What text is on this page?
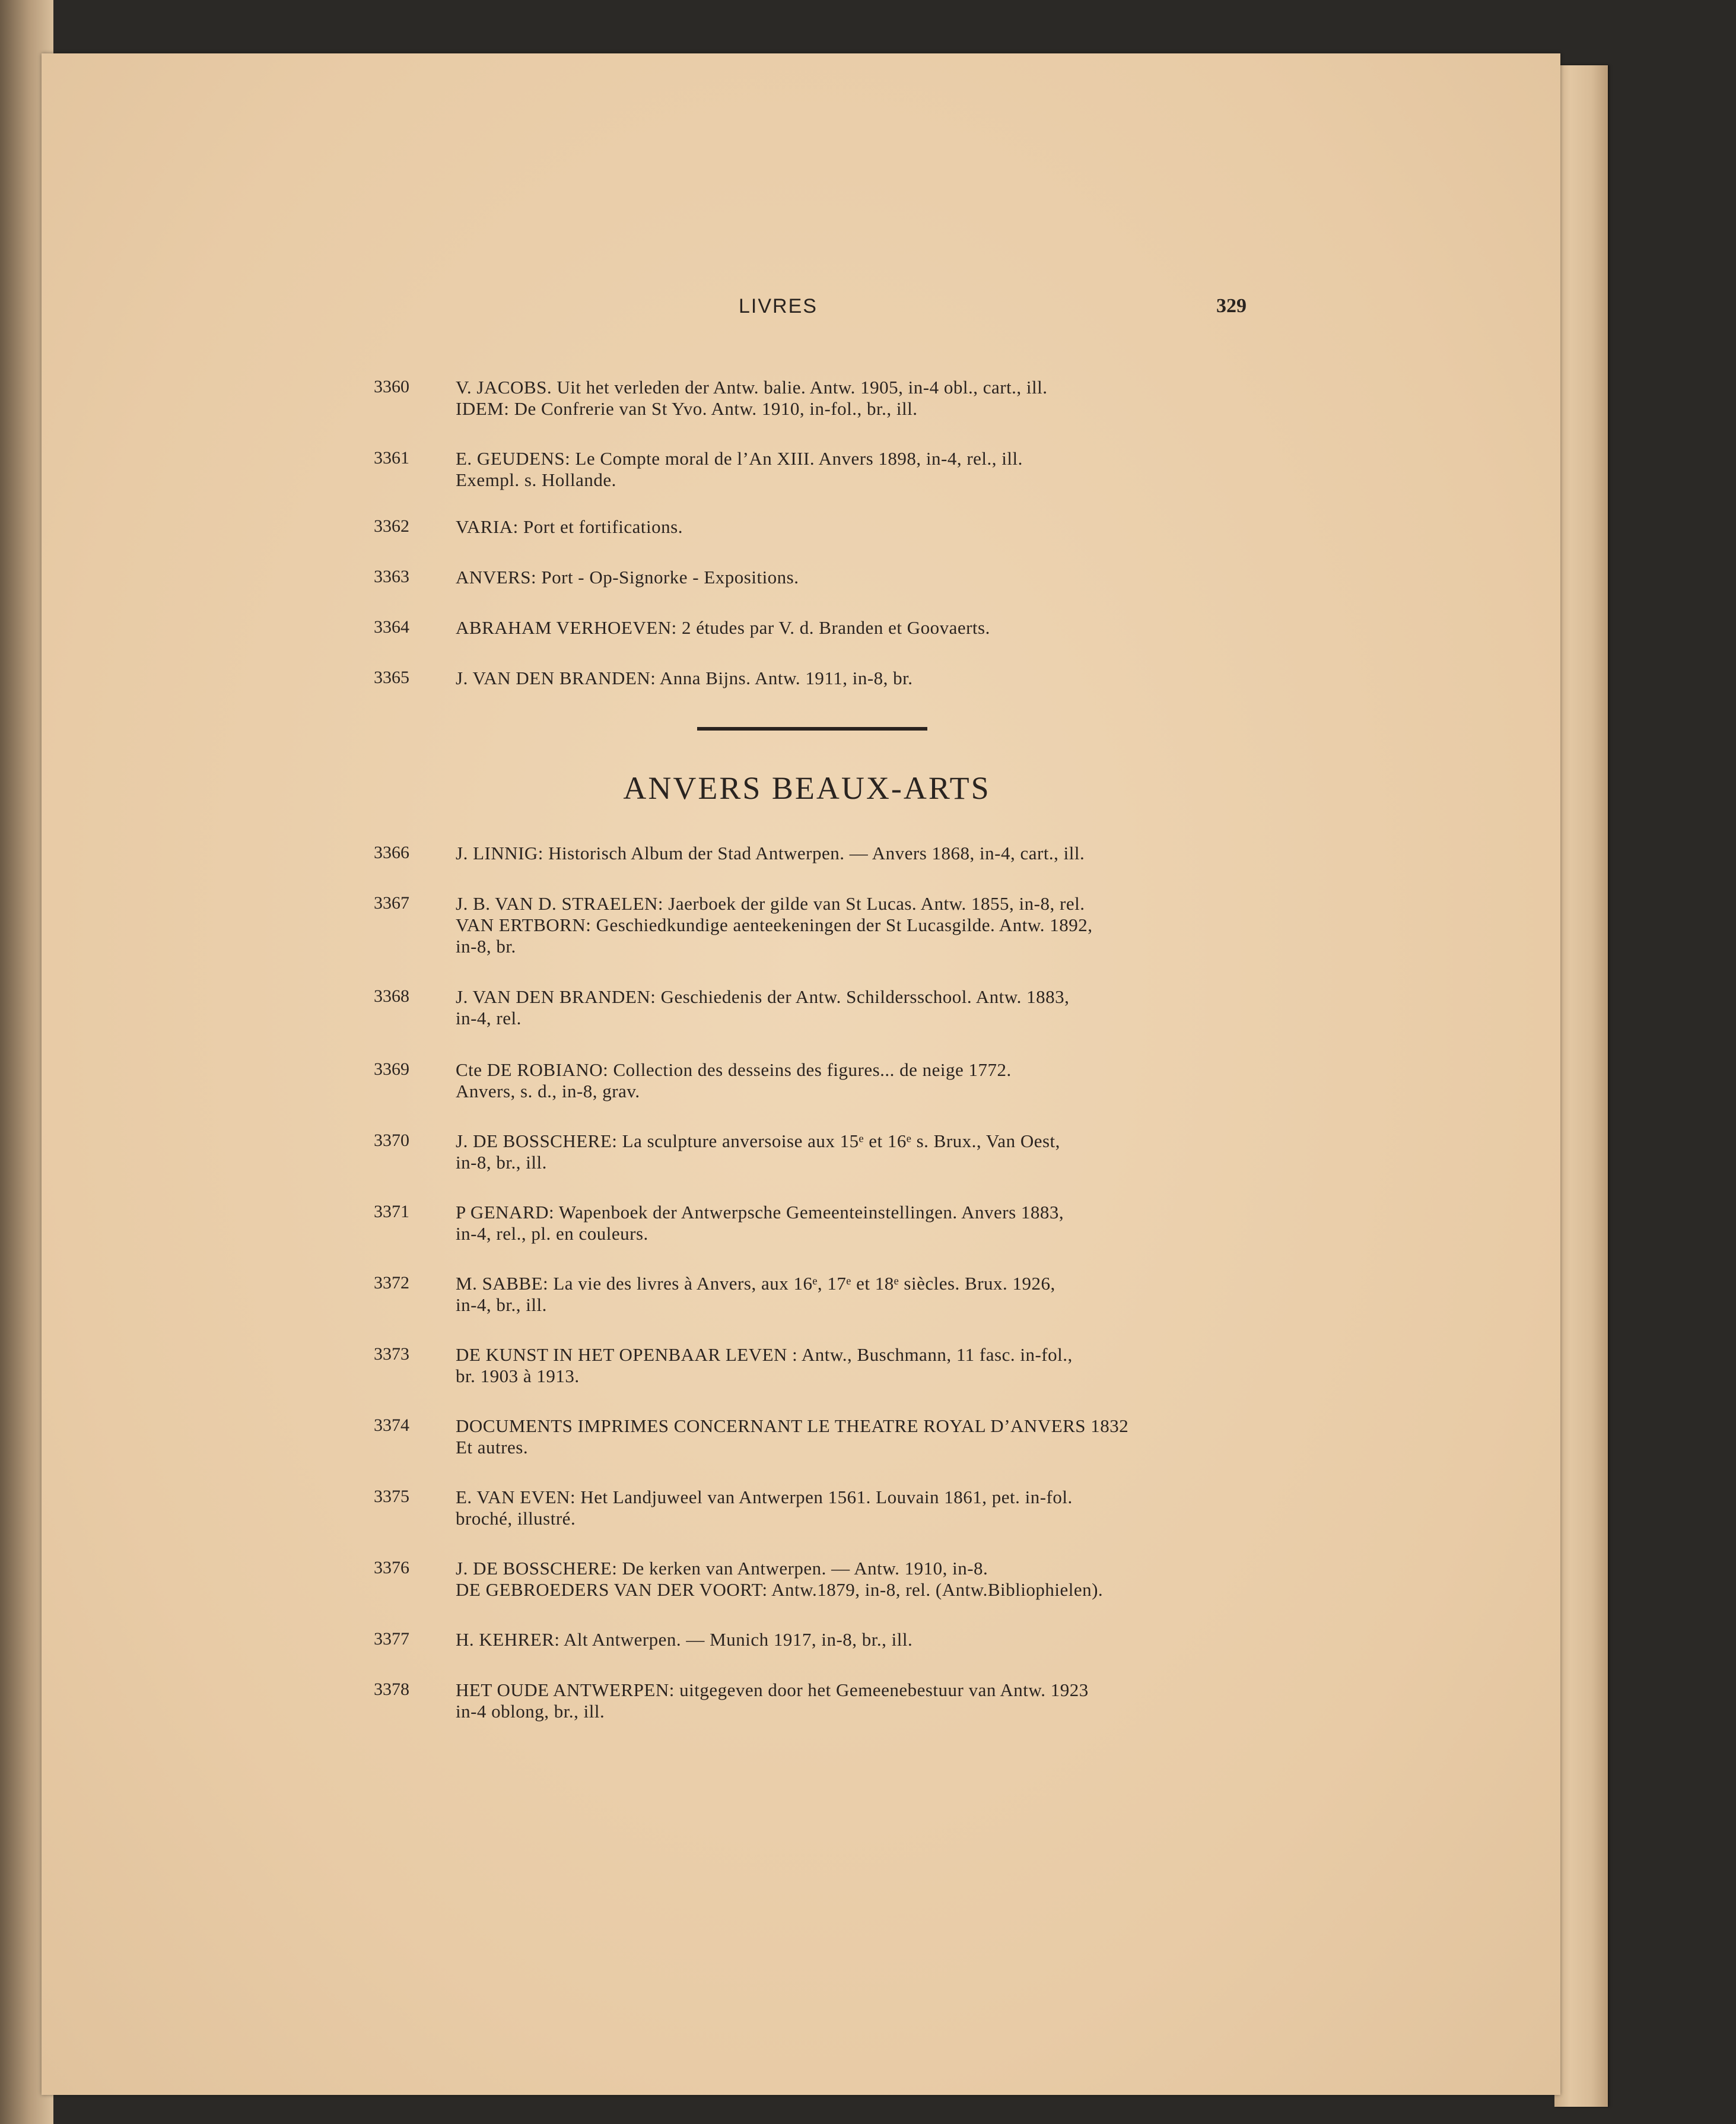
LIVRES	329
3360	V. JACOBS. Uit het verleden der Antw. balie. Antw. 1905, in-4 obl., cart., ill.
IDEM: De Confrerie van St Yvo. Antw. 1910, in-fol., br., ill.
3361	E. GEUDENS: Le Compte moral de l’An XIII. Anvers 1898, in-4, rel., ill.
Exempl. s. Hollande.
3362	VARIA: Port et fortifications.
3363	ANVERS: Port - Op-Signorke - Expositions.
3364	ABRAHAM VERHOEVEN: 2 études par V. d. Branden et Goovaerts.
3365	J. VAN DEN BRANDEN: Anna Bijns. Antw. 1911, in-8, br.
ANVERS BEAUX-ARTS
3366	J. LINNIG: Historisch Album der Stad Antwerpen. — Anvers 1868, in-4, cart., ill.
3367	J. B. VAN D. STRAELEN: Jaerboek der gilde van St Lucas. Antw. 1855, in-8, rel.
VAN ERTBORN: Geschiedkundige aenteekeningen der St Lucasgilde. Antw. 1892,
in-8, br.
3368	J. VAN DEN BRANDEN: Geschiedenis der Antw. Schildersschool. Antw. 1883,
in-4, rel.
3369	Cte DE ROBIANO: Collection des desseins des figures... de neige 1772.
Anvers, s. d., in-8, grav.
3370	J. DE BOSSCHERE: La sculpture anversoise aux 15ᵉ et 16ᵉ s. Brux., Van Oest,
in-8, br., ill.
3371	P GENARD: Wapenboek der Antwerpsche Gemeenteinstellingen. Anvers 1883,
in-4, rel., pl. en couleurs.
3372	M. SABBE: La vie des livres à Anvers, aux 16ᵉ, 17ᵉ et 18ᵉ siècles. Brux. 1926,
in-4, br., ill.
3373	DE KUNST IN HET OPENBAAR LEVEN : Antw., Buschmann, 11 fasc. in-fol.,
br. 1903 à 1913.
3374	DOCUMENTS IMPRIMES CONCERNANT LE THEATRE ROYAL D’ANVERS 1832
Et autres.
3375	E. VAN EVEN: Het Landjuweel van Antwerpen 1561. Louvain 1861, pet. in-fol.
broché, illustré.
3376	J. DE BOSSCHERE: De kerken van Antwerpen. — Antw. 1910, in-8.
DE GEBROEDERS VAN DER VOORT: Antw.1879, in-8, rel. (Antw.Bibliophielen).
3377	H. KEHRER: Alt Antwerpen. — Munich 1917, in-8, br., ill.
3378	HET OUDE ANTWERPEN: uitgegeven door het Gemeenebestuur van Antw. 1923
in-4 oblong, br., ill.
